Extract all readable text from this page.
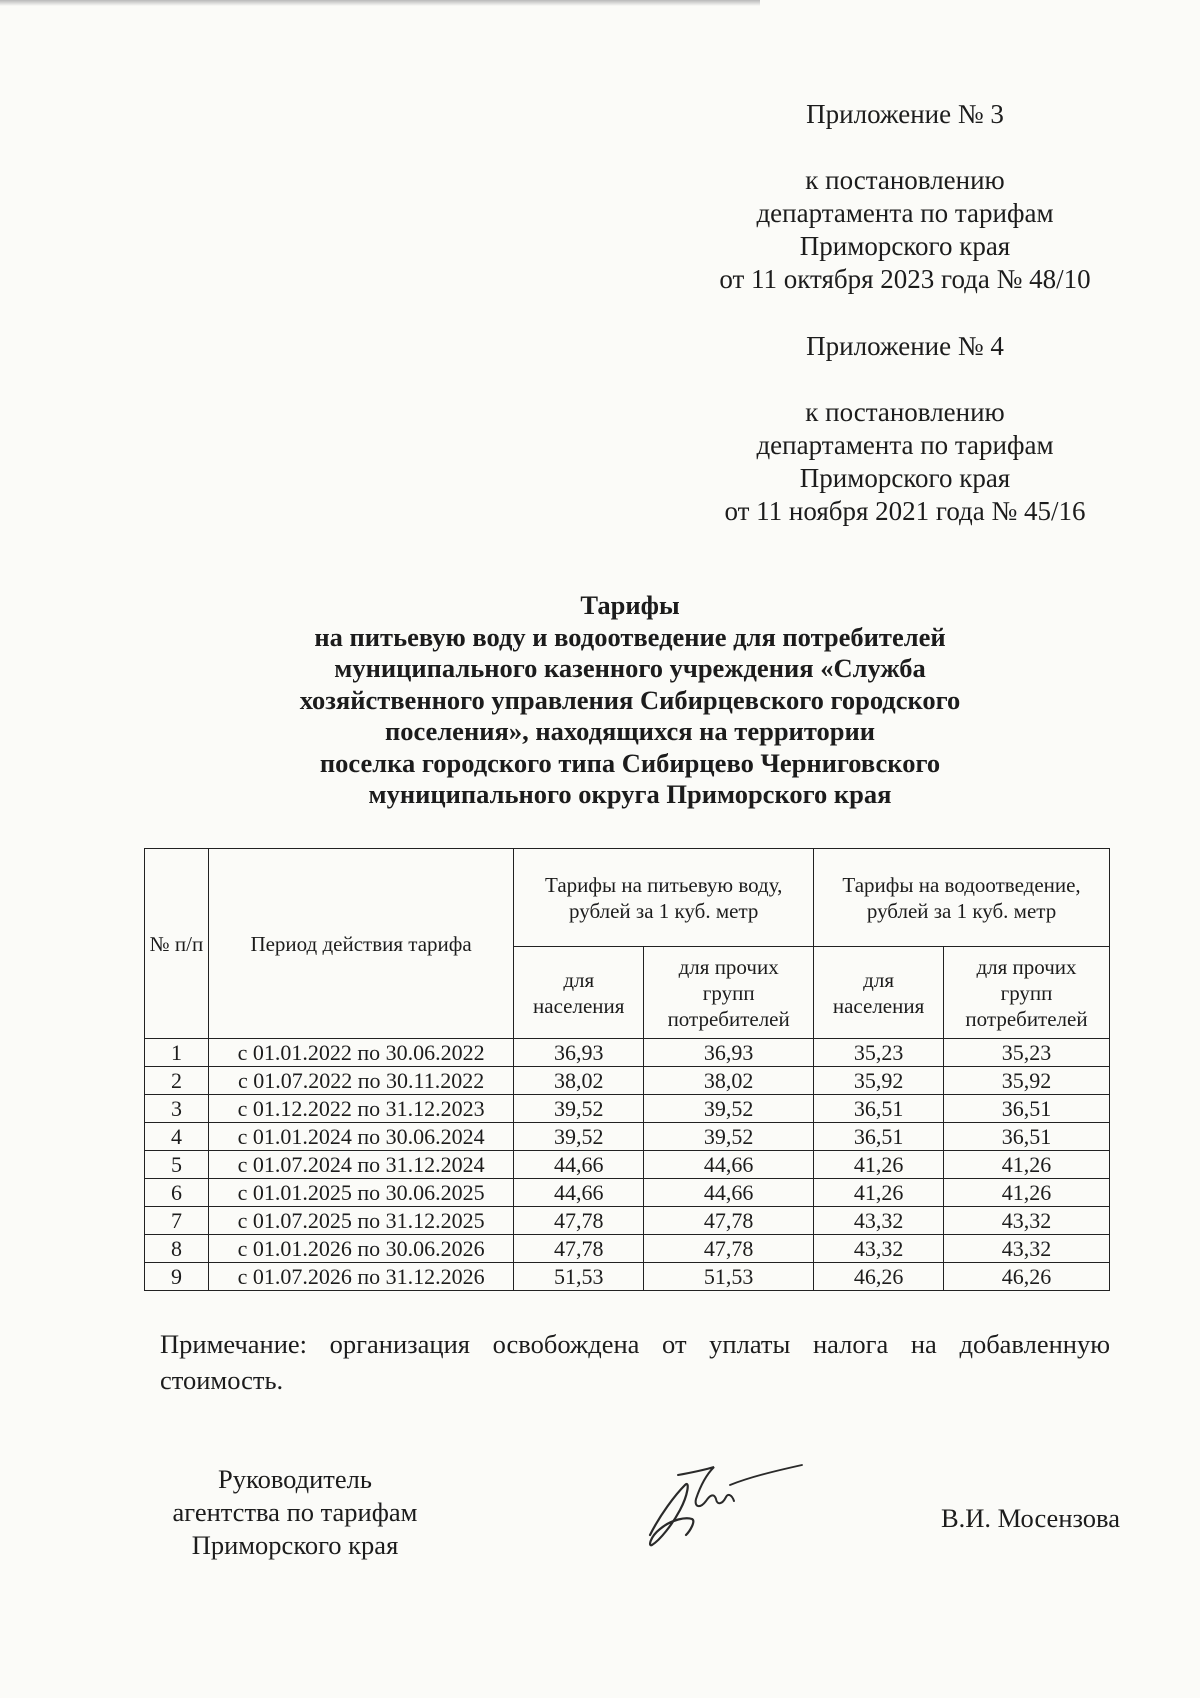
Приложение № 3
к постановлению
департамента по тарифам
Приморского края
от 11 октября 2023 года № 48/10
Приложение № 4
к постановлению
департамента по тарифам
Приморского края
от 11 ноября 2021 года № 45/16
Тарифы
на питьевую воду и водоотведение для потребителей
муниципального казенного учреждения «Служба
хозяйственного управления Сибирцевского городского
поселения», находящихся на территории
поселка городского типа Сибирцево Черниговского
муниципального округа Приморского края
№ п/п	Период действия тарифа	Тарифы на питьевую воду, рублей за 1 куб. метр		Тарифы на водоотведение, рублей за 1 куб. метр	
		для населения	для прочих групп потребителей	для населения	для прочих групп потребителей
1	с 01.01.2022 по 30.06.2022	36,93	36,93	35,23	35,23
2	с 01.07.2022 по 30.11.2022	38,02	38,02	35,92	35,92
3	с 01.12.2022 по 31.12.2023	39,52	39,52	36,51	36,51
4	с 01.01.2024 по 30.06.2024	39,52	39,52	36,51	36,51
5	с 01.07.2024 по 31.12.2024	44,66	44,66	41,26	41,26
6	с 01.01.2025 по 30.06.2025	44,66	44,66	41,26	41,26
7	с 01.07.2025 по 31.12.2025	47,78	47,78	43,32	43,32
8	с 01.01.2026 по 30.06.2026	47,78	47,78	43,32	43,32
9	с 01.07.2026 по 31.12.2026	51,53	51,53	46,26	46,26
Примечание: организация освобождена от уплаты налога на добавленную стоимость.
Руководитель
агентства по тарифам
Приморского края
В.И. Мосензова
